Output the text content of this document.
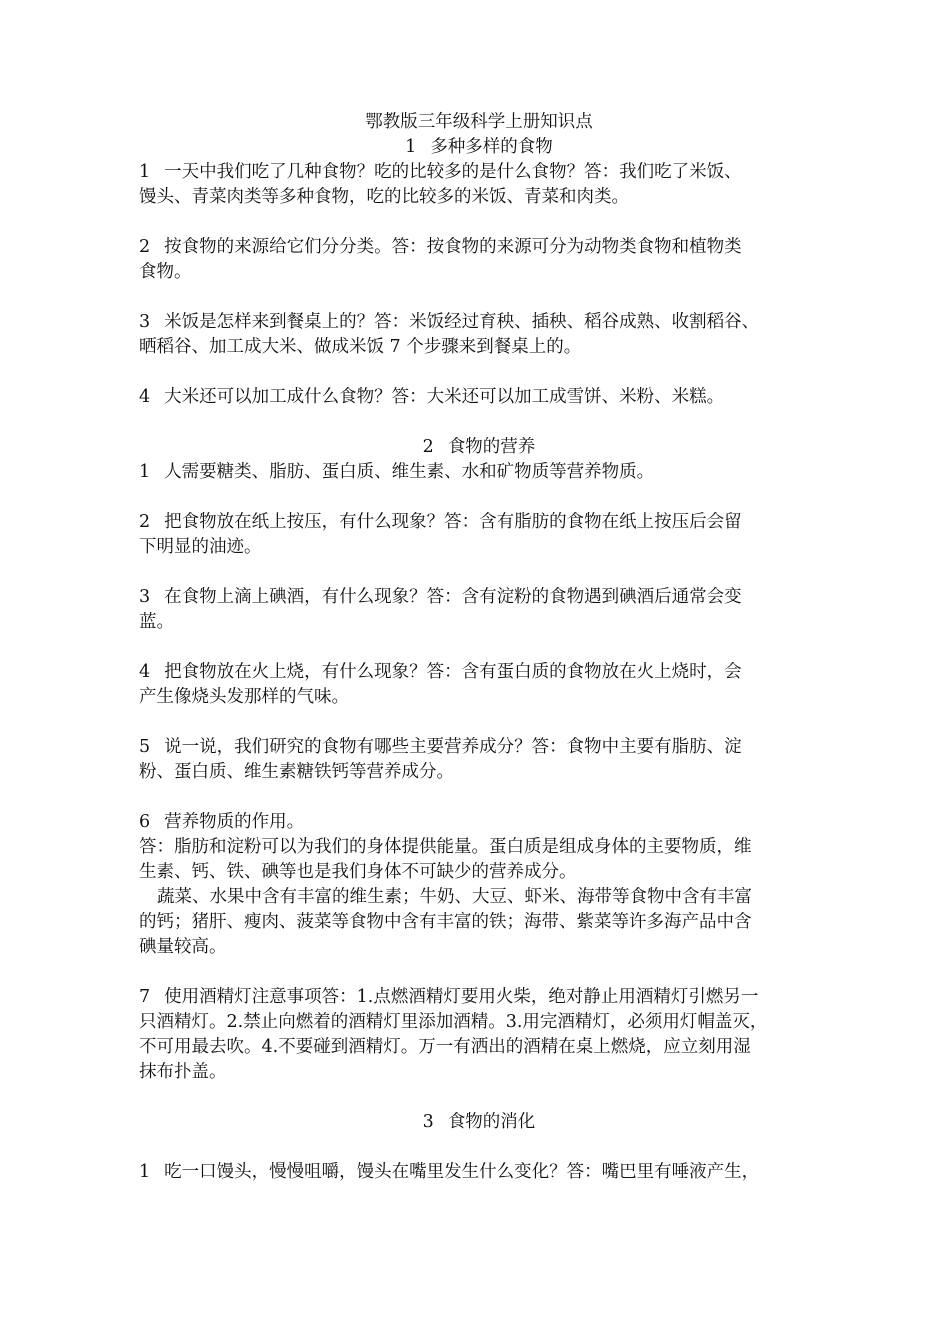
鄂教版三年级科学上册知识点
1 多种多样的食物
1 一天中我们吃了几种食物？吃的比较多的是什么食物？答：我们吃了米饭、
馒头、青菜肉类等多种食物，吃的比较多的米饭、青菜和肉类。
2 按食物的来源给它们分分类。答：按食物的来源可分为动物类食物和植物类
食物。
3 米饭是怎样来到餐桌上的？答：米饭经过育秧、插秧、稻谷成熟、收割稻谷、
晒稻谷、加工成大米、做成米饭 7 个步骤来到餐桌上的。
4 大米还可以加工成什么食物？答：大米还可以加工成雪饼、米粉、米糕。
2 食物的营养
1 人需要糖类、脂肪、蛋白质、维生素、水和矿物质等营养物质。
2 把食物放在纸上按压，有什么现象？答：含有脂肪的食物在纸上按压后会留
下明显的油迹。
3 在食物上滴上碘酒，有什么现象？答：含有淀粉的食物遇到碘酒后通常会变
蓝。
4 把食物放在火上烧，有什么现象？答：含有蛋白质的食物放在火上烧时，会
产生像烧头发那样的气味。
5 说一说，我们研究的食物有哪些主要营养成分？答：食物中主要有脂肪、淀
粉、蛋白质、维生素糖铁钙等营养成分。
6 营养物质的作用。
答：脂肪和淀粉可以为我们的身体提供能量。蛋白质是组成身体的主要物质，维
生素、钙、铁、碘等也是我们身体不可缺少的营养成分。
蔬菜、水果中含有丰富的维生素；牛奶、大豆、虾米、海带等食物中含有丰富
的钙；猪肝、瘦肉、菠菜等食物中含有丰富的铁；海带、紫菜等许多海产品中含
碘量较高。
7 使用酒精灯注意事项答：1.点燃酒精灯要用火柴，绝对静止用酒精灯引燃另一
只酒精灯。2.禁止向燃着的酒精灯里添加酒精。3.用完酒精灯，必须用灯帽盖灭，
不可用最去吹。4.不要碰到酒精灯。万一有洒出的酒精在桌上燃烧，应立刻用湿
抹布扑盖。
3 食物的消化
1 吃一口馒头，慢慢咀嚼，馒头在嘴里发生什么变化？答：嘴巴里有唾液产生，
